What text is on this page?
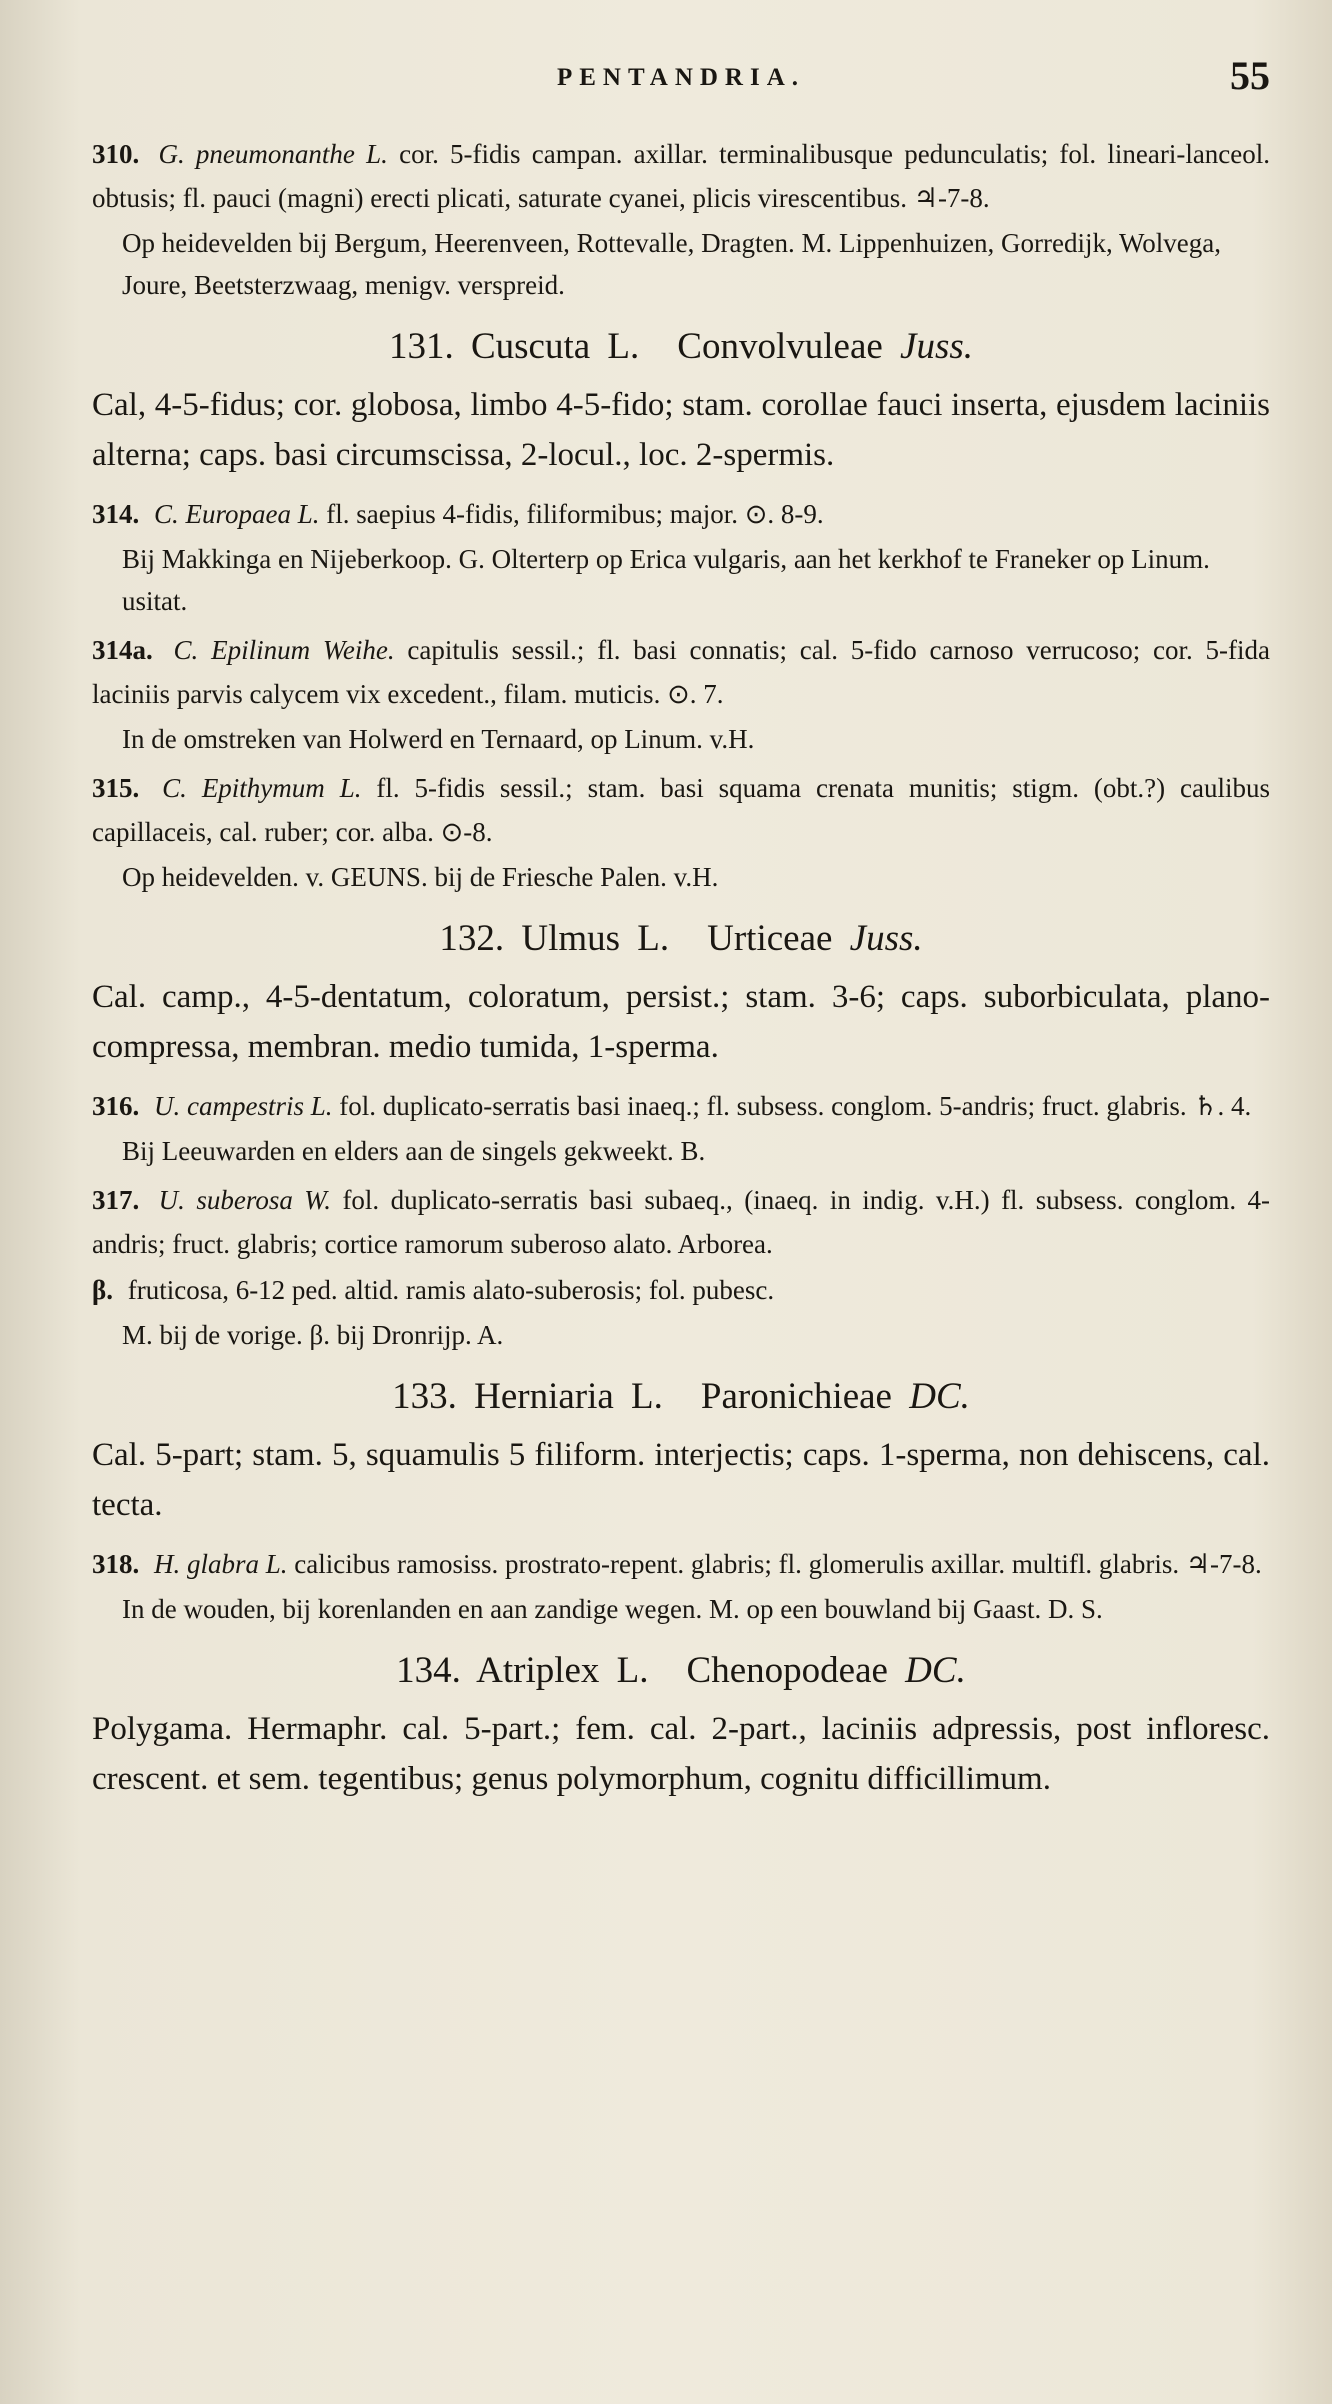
PENTANDRIA.	55

310. G. pneumonanthe L. cor. 5-fidis campan. axillar. terminalibusque pedunculatis; fol. lineari-lanceol. obtusis; fl. pauci (magni) erecti plicati, saturate cyanei, plicis virescentibus. ♃-7-8.

Op heidevelden bij Bergum, Heerenveen, Rottevalle, Dragten. M. Lippenhuizen, Gorredijk, Wolvega, Joure, Beetsterzwaag, menigv. verspreid.

131. Cuscuta L. Convolvuleae Juss.

Cal, 4-5-fidus; cor. globosa, limbo 4-5-fido; stam. corollae fauci inserta, ejusdem laciniis alterna; caps. basi circumscissa, 2-locul., loc. 2-spermis.

314. C. Europaea L. fl. saepius 4-fidis, filiformibus; major. ⊙. 8-9.

Bij Makkinga en Nijeberkoop. G. Olterterp op Erica vulgaris, aan het kerkhof te Franeker op Linum. usitat.

314a. C. Epilinum Weihe. capitulis sessil.; fl. basi connatis; cal. 5-fido carnoso verrucoso; cor. 5-fida laciniis parvis calycem vix excedent., filam. muticis. ⊙. 7.

In de omstreken van Holwerd en Ternaard, op Linum. v.H.

315. C. Epithymum L. fl. 5-fidis sessil.; stam. basi squama crenata munitis; stigm. (obt.?) caulibus capillaceis, cal. ruber; cor. alba. ⊙-8.

Op heidevelden. v. GEUNS. bij de Friesche Palen. v.H.

132. Ulmus L. Urticeae Juss.

Cal. camp., 4-5-dentatum, coloratum, persist.; stam. 3-6; caps. suborbiculata, plano-compressa, membran. medio tumida, 1-sperma.

316. U. campestris L. fol. duplicato-serratis basi inaeq.; fl. subsess. conglom. 5-andris; fruct. glabris. ♄. 4.

Bij Leeuwarden en elders aan de singels gekweekt. B.

317. U. suberosa W. fol. duplicato-serratis basi subaeq., (inaeq. in indig. v.H.) fl. subsess. conglom. 4-andris; fruct. glabris; cortice ramorum suberoso alato. Arborea.

β. fruticosa, 6-12 ped. altid. ramis alato-suberosis; fol. pubesc.

M. bij de vorige. β. bij Dronrijp. A.

133. Herniaria L. Paronichieae DC.

Cal. 5-part; stam. 5, squamulis 5 filiform. interjectis; caps. 1-sperma, non dehiscens, cal. tecta.

318. H. glabra L. calicibus ramosiss. prostrato-repent. glabris; fl. glomerulis axillar. multifl. glabris. ♃-7-8.

In de wouden, bij korenlanden en aan zandige wegen. M. op een bouwland bij Gaast. D. S.

134. Atriplex L. Chenopodeae DC.

Polygama. Hermaphr. cal. 5-part.; fem. cal. 2-part., laciniis adpressis, post infloresc. crescent. et sem. tegentibus; genus polymorphum, cognitu difficillimum.
